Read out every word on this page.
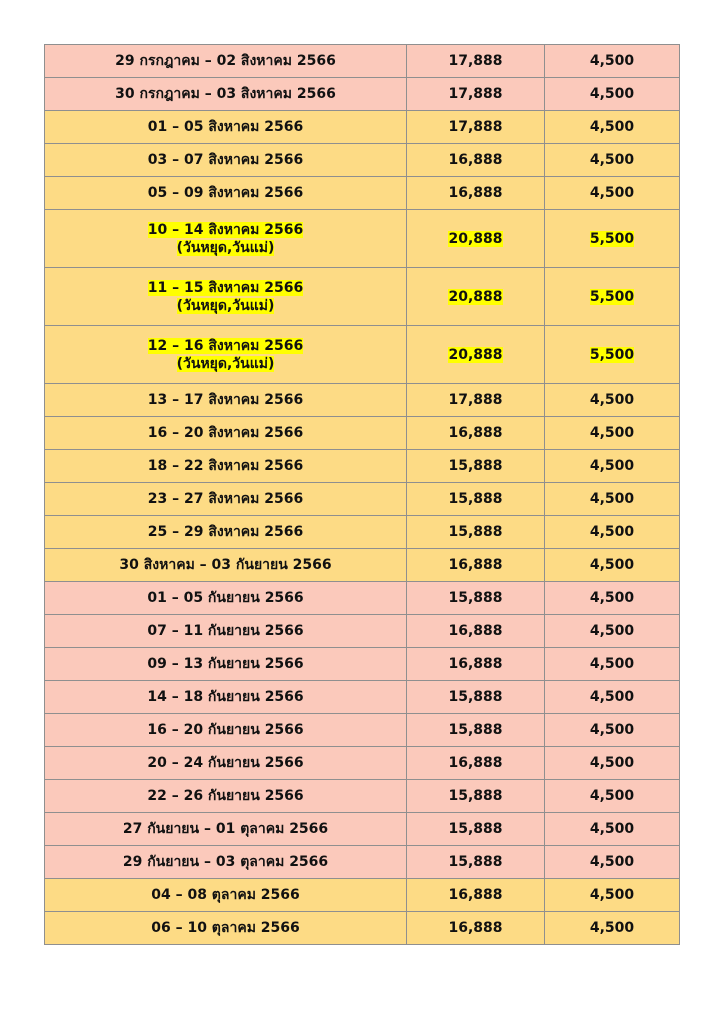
29 กรกฎาคม – 02 สิงหาคม 2566	17,888	4,500
30 กรกฎาคม – 03 สิงหาคม 2566	17,888	4,500
01 – 05 สิงหาคม 2566	17,888	4,500
03 – 07 สิงหาคม 2566	16,888	4,500
05 – 09 สิงหาคม 2566	16,888	4,500
10 – 14 สิงหาคม 2566
(วันหยุด,วันแม่)	20,888	5,500
11 – 15 สิงหาคม 2566
(วันหยุด,วันแม่)	20,888	5,500
12 – 16 สิงหาคม 2566
(วันหยุด,วันแม่)	20,888	5,500
13 – 17 สิงหาคม 2566	17,888	4,500
16 – 20 สิงหาคม 2566	16,888	4,500
18 – 22 สิงหาคม 2566	15,888	4,500
23 – 27 สิงหาคม 2566	15,888	4,500
25 – 29 สิงหาคม 2566	15,888	4,500
30 สิงหาคม – 03 กันยายน 2566	16,888	4,500
01 – 05 กันยายน 2566	15,888	4,500
07 – 11 กันยายน 2566	16,888	4,500
09 – 13 กันยายน 2566	16,888	4,500
14 – 18 กันยายน 2566	15,888	4,500
16 – 20 กันยายน 2566	15,888	4,500
20 – 24 กันยายน 2566	16,888	4,500
22 – 26 กันยายน 2566	15,888	4,500
27 กันยายน – 01 ตุลาคม 2566	15,888	4,500
29 กันยายน – 03 ตุลาคม 2566	15,888	4,500
04 – 08 ตุลาคม 2566	16,888	4,500
06 – 10 ตุลาคม 2566	16,888	4,500
